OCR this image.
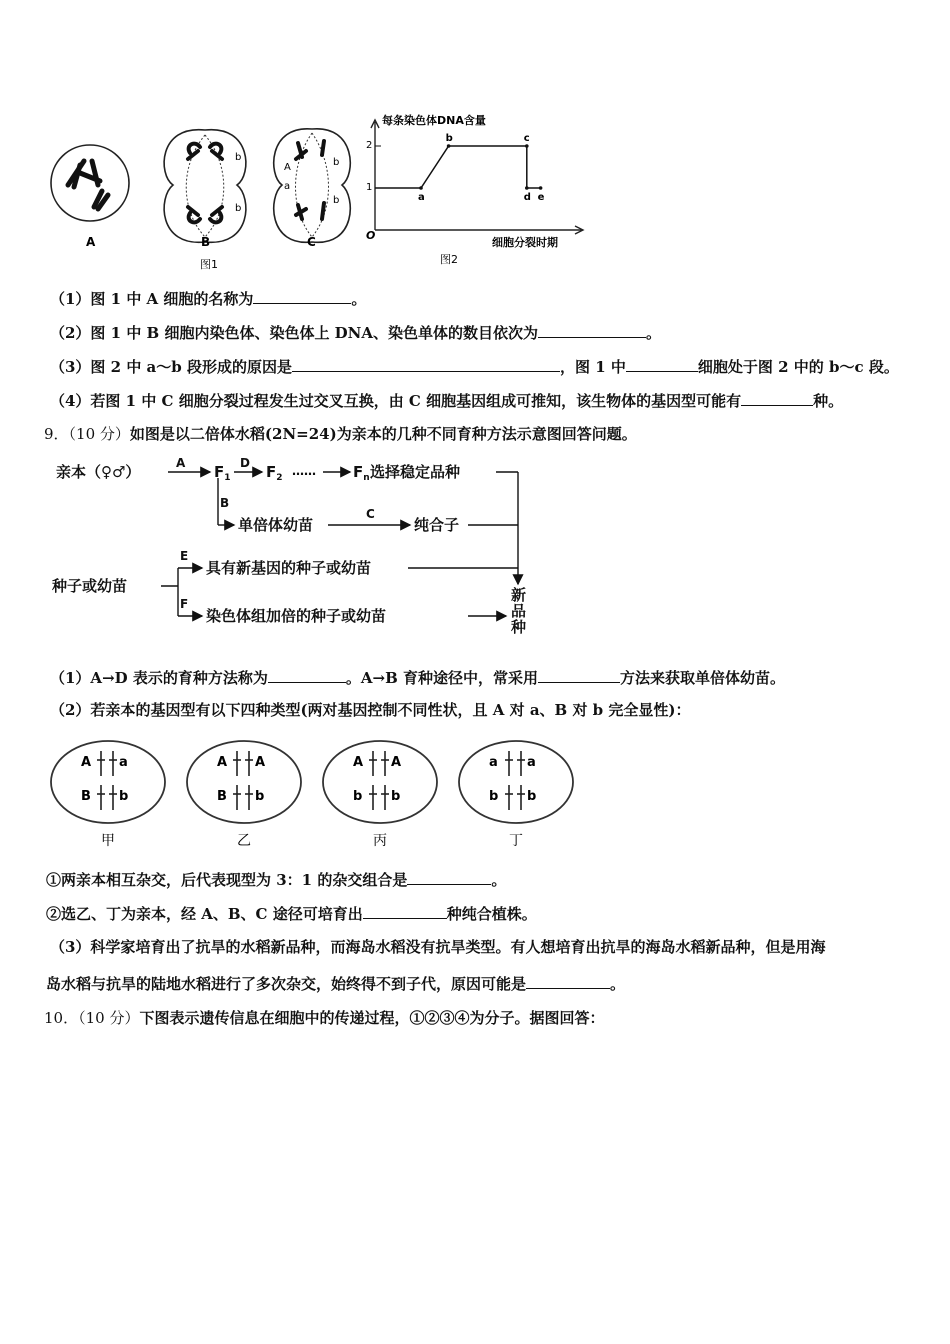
A
b
b
B
A
a
b
b
C
图1
每条染色体DNA含量
细胞分裂时期
O
1
2
a
b	c
d e
图2
（1）图 1 中 A 细胞的名称为	。
（2）图 1 中 B 细胞内染色体、染色体上 DNA、染色单体的数目依次为	。
（3）图 2 中 a～b 段形成的原因是	，图 1 中	细胞处于图 2 中的 b～c 段。
（4）若图 1 中 C 细胞分裂过程发生过交叉互换，由 C 细胞基因组成可推知，该生物体的基因型可能有	种。
9．（10 分）如图是以二倍体水稻(2N=24)为亲本的几种不同育种方法示意图回答问题。
亲本（♀♂）	A $F_1$
D $F_2$ …… $F_n$ 选择稳定品种
B
单倍体幼苗
C
纯合子
E
具有新基因的种子或幼苗
种子或幼苗
F
染色体组加倍的种子或幼苗
新
品
种
（1）A→D 表示的育种方法称为	。A→B 育种途径中，常采用	方法来获取单倍体幼苗。
（2）若亲本的基因型有以下四种类型(两对基因控制不同性状，且 A 对 a、B 对 b 完全显性)：
A a
B b
甲
A A
B b
乙
A A
b b
丙
a a
b b
丁
①两亲本相互杂交，后代表现型为 3：1 的杂交组合是	。
②选乙、丁为亲本，经 A、B、C 途径可培育出	种纯合植株。
（3）科学家培育出了抗旱的水稻新品种，而海岛水稻没有抗旱类型。有人想培育出抗旱的海岛水稻新品种，但是用海
岛水稻与抗旱的陆地水稻进行了多次杂交，始终得不到子代，原因可能是	。
10．（10 分）下图表示遗传信息在细胞中的传递过程，①②③④为分子。据图回答：
